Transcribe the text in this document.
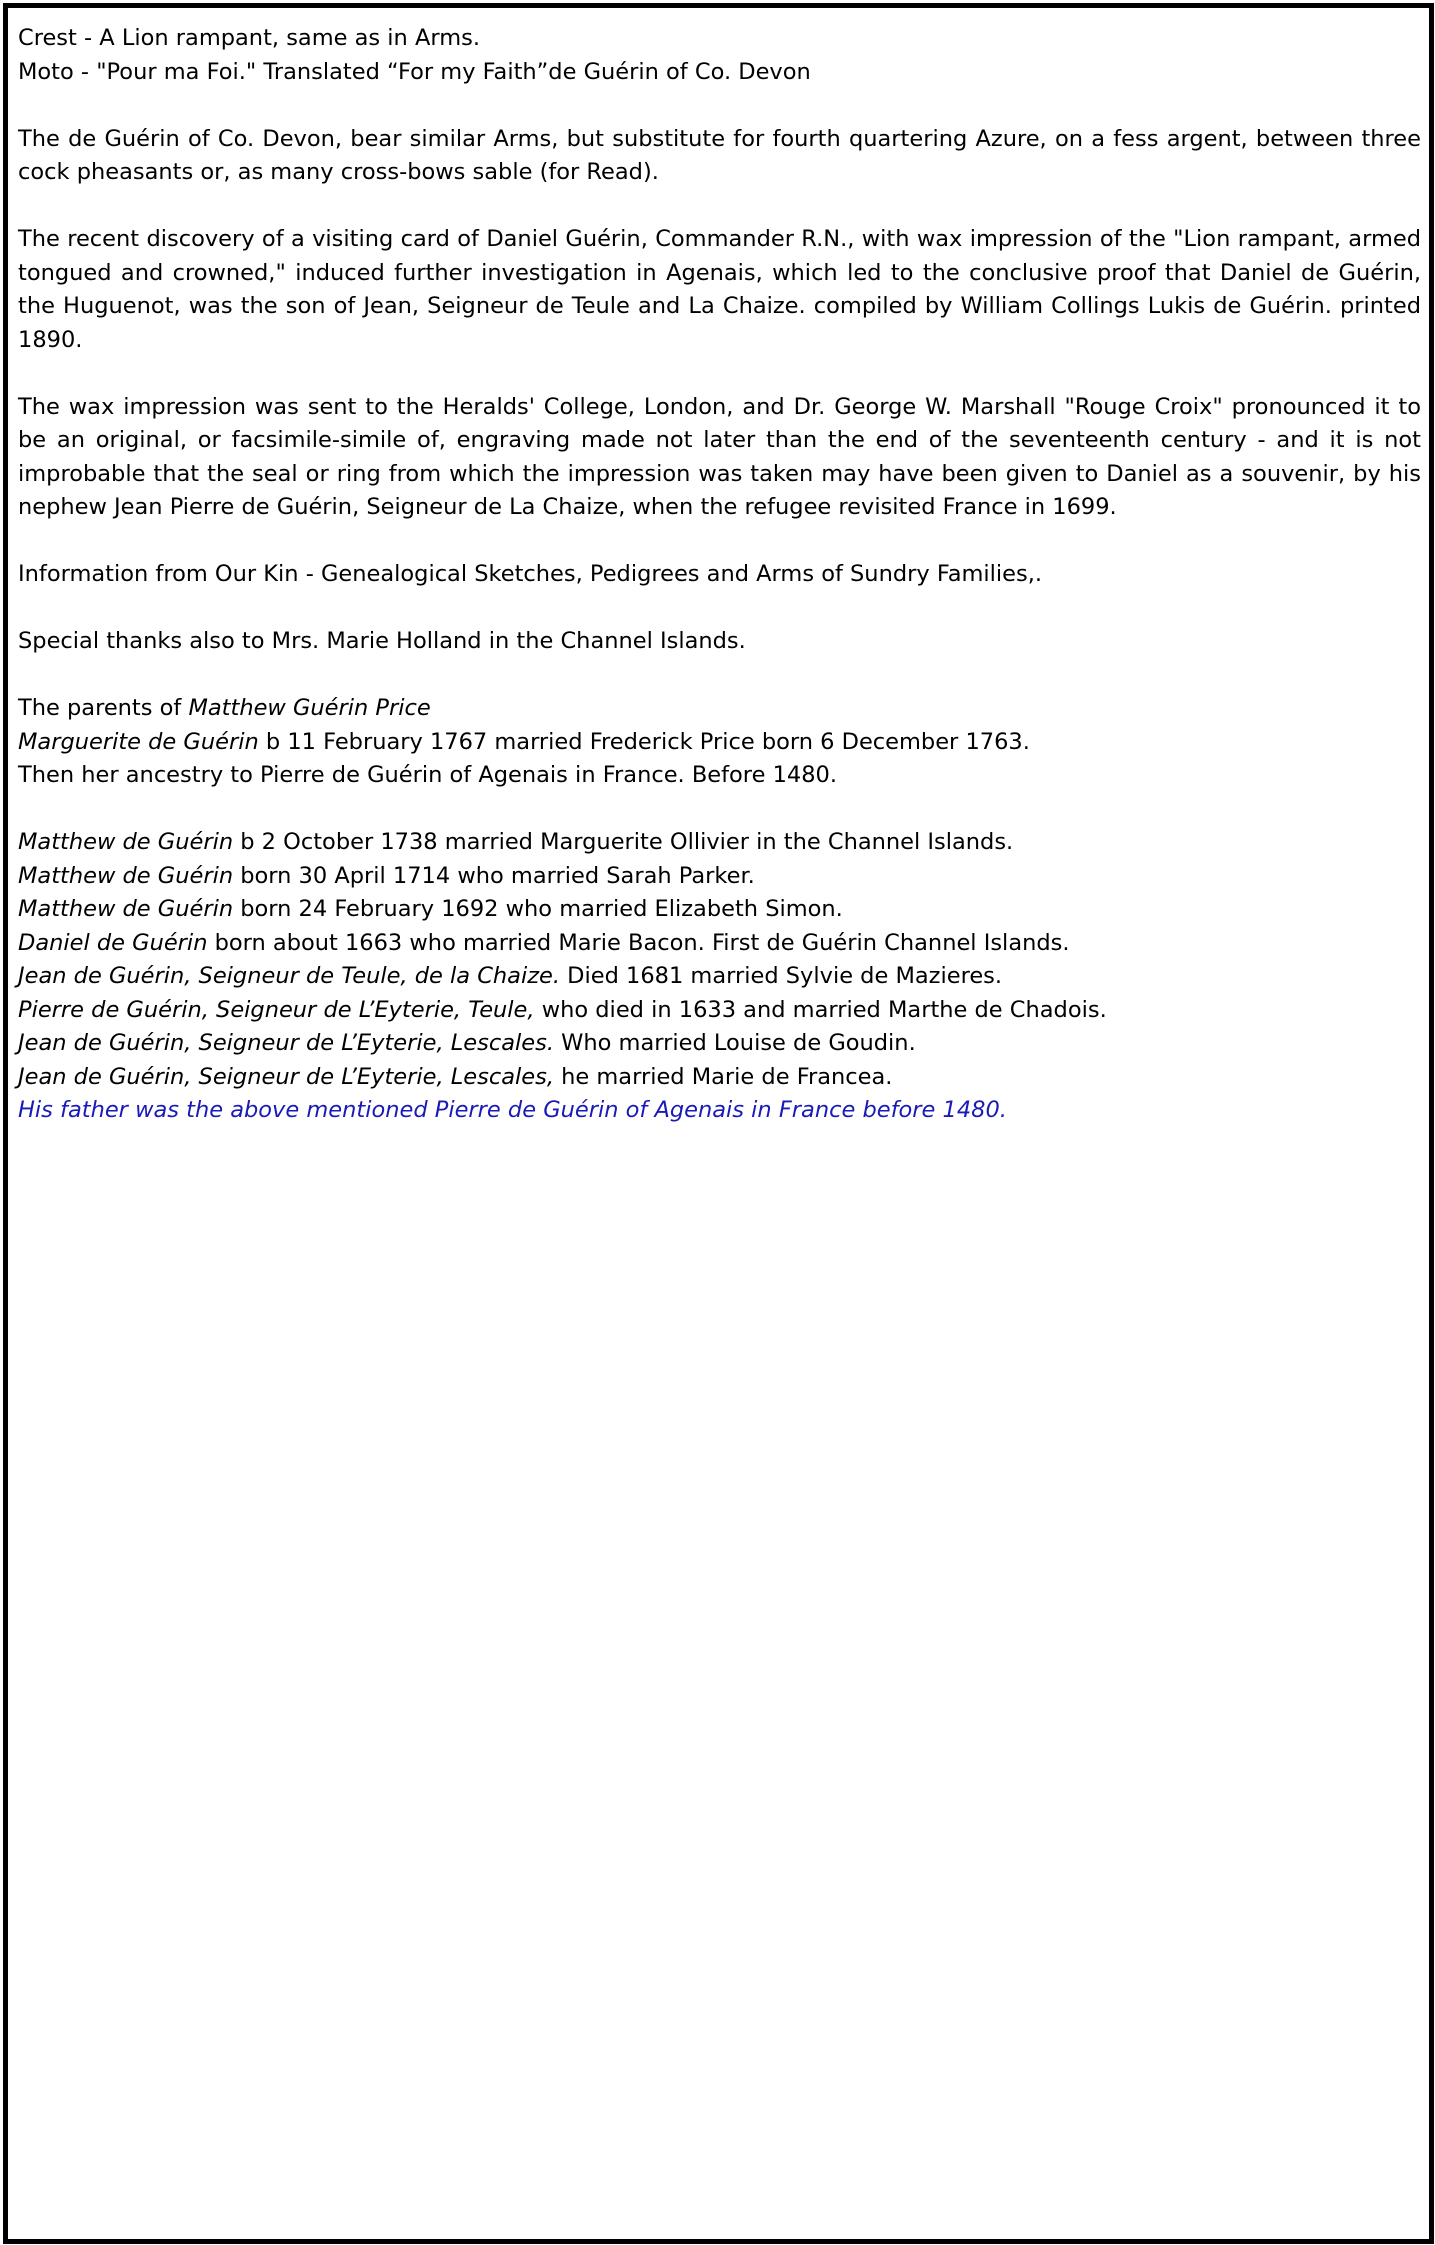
Crest - A Lion rampant, same as in Arms.

Moto - "Pour ma Foi." Translated “For my Faith”de Guérin of Co. Devon

The de Guérin of Co. Devon, bear similar Arms, but substitute for fourth quartering Azure, on a fess argent, between three cock pheasants or, as many cross-bows sable (for Read).

The recent discovery of a visiting card of Daniel Guérin, Commander R.N., with wax impression of the "Lion rampant, armed tongued and crowned," induced further investigation in Agenais, which led to the conclusive proof that Daniel de Guérin, the Huguenot, was the son of Jean, Seigneur de Teule and La Chaize. compiled by William Collings Lukis de Guérin. printed 1890.

The wax impression was sent to the Heralds' College, London, and Dr. George W. Marshall "Rouge Croix" pronounced it to be an original, or facsimile-simile of, engraving made not later than the end of the seventeenth century - and it is not improbable that the seal or ring from which the impression was taken may have been given to Daniel as a souvenir, by his nephew Jean Pierre de Guérin, Seigneur de La Chaize, when the refugee revisited France in 1699.

Information from Our Kin - Genealogical Sketches, Pedigrees and Arms of Sundry Families,.

Special thanks also to Mrs. Marie Holland in the Channel Islands.

The parents of Matthew Guérin Price

Marguerite de Guérin b 11 February 1767 married Frederick Price born 6 December 1763.

Then her ancestry to Pierre de Guérin of Agenais in France. Before 1480.

Matthew de Guérin b 2 October 1738 married Marguerite Ollivier in the Channel Islands.

Matthew de Guérin born 30 April 1714 who married Sarah Parker.

Matthew de Guérin born 24 February 1692 who married Elizabeth Simon.

Daniel de Guérin born about 1663 who married Marie Bacon. First de Guérin Channel Islands.

Jean de Guérin, Seigneur de Teule, de la Chaize. Died 1681 married Sylvie de Mazieres.

Pierre de Guérin, Seigneur de L’Eyterie, Teule, who died in 1633 and married Marthe de Chadois.

Jean de Guérin, Seigneur de L’Eyterie, Lescales. Who married Louise de Goudin.

Jean de Guérin, Seigneur de L’Eyterie, Lescales, he married Marie de Francea.

His father was the above mentioned Pierre de Guérin of Agenais in France before 1480.
